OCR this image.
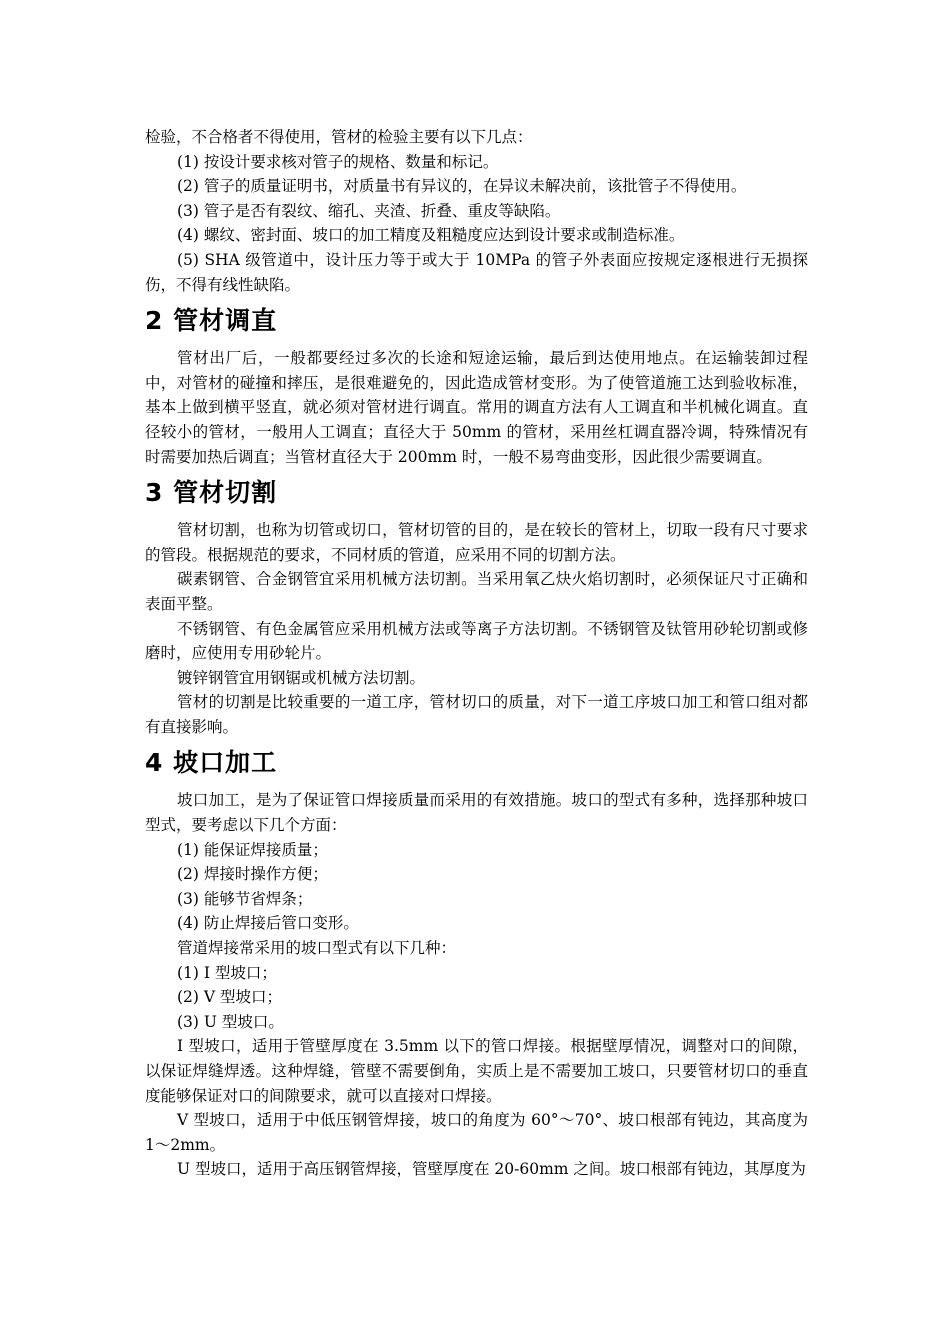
检验，不合格者不得使用，管材的检验主要有以下几点：

(1) 按设计要求核对管子的规格、数量和标记。

(2) 管子的质量证明书，对质量书有异议的，在异议未解决前，该批管子不得使用。

(3) 管子是否有裂纹、缩孔、夹渣、折叠、重皮等缺陷。

(4) 螺纹、密封面、坡口的加工精度及粗糙度应达到设计要求或制造标准。

(5) SHA 级管道中，设计压力等于或大于 10MPa 的管子外表面应按规定逐根进行无损探伤，不得有线性缺陷。

2 管材调直

管材出厂后，一般都要经过多次的长途和短途运输，最后到达使用地点。在运输装卸过程中，对管材的碰撞和摔压，是很难避免的，因此造成管材变形。为了使管道施工达到验收标准，基本上做到横平竖直，就必须对管材进行调直。常用的调直方法有人工调直和半机械化调直。直径较小的管材，一般用人工调直；直径大于 50mm 的管材，采用丝杠调直器冷调，特殊情况有时需要加热后调直；当管材直径大于 200mm 时，一般不易弯曲变形，因此很少需要调直。

3 管材切割

管材切割，也称为切管或切口，管材切管的目的，是在较长的管材上，切取一段有尺寸要求的管段。根据规范的要求，不同材质的管道，应采用不同的切割方法。

碳素钢管、合金钢管宜采用机械方法切割。当采用氧乙炔火焰切割时，必须保证尺寸正确和表面平整。

不锈钢管、有色金属管应采用机械方法或等离子方法切割。不锈钢管及钛管用砂轮切割或修磨时，应使用专用砂轮片。

镀锌钢管宜用钢锯或机械方法切割。

管材的切割是比较重要的一道工序，管材切口的质量，对下一道工序坡口加工和管口组对都有直接影响。

4 坡口加工

坡口加工，是为了保证管口焊接质量而采用的有效措施。坡口的型式有多种，选择那种坡口型式，要考虑以下几个方面：

(1) 能保证焊接质量；

(2) 焊接时操作方便；

(3) 能够节省焊条；

(4) 防止焊接后管口变形。

管道焊接常采用的坡口型式有以下几种：

(1) I 型坡口；

(2) V 型坡口；

(3) U 型坡口。

I 型坡口，适用于管壁厚度在 3.5mm 以下的管口焊接。根据壁厚情况，调整对口的间隙，以保证焊缝焊透。这种焊缝，管壁不需要倒角，实质上是不需要加工坡口，只要管材切口的垂直度能够保证对口的间隙要求，就可以直接对口焊接。

V 型坡口，适用于中低压钢管焊接，坡口的角度为 60°～70°、坡口根部有钝边，其高度为 1～2mm。

U 型坡口，适用于高压钢管焊接，管壁厚度在 20-60mm 之间。坡口根部有钝边，其厚度为
